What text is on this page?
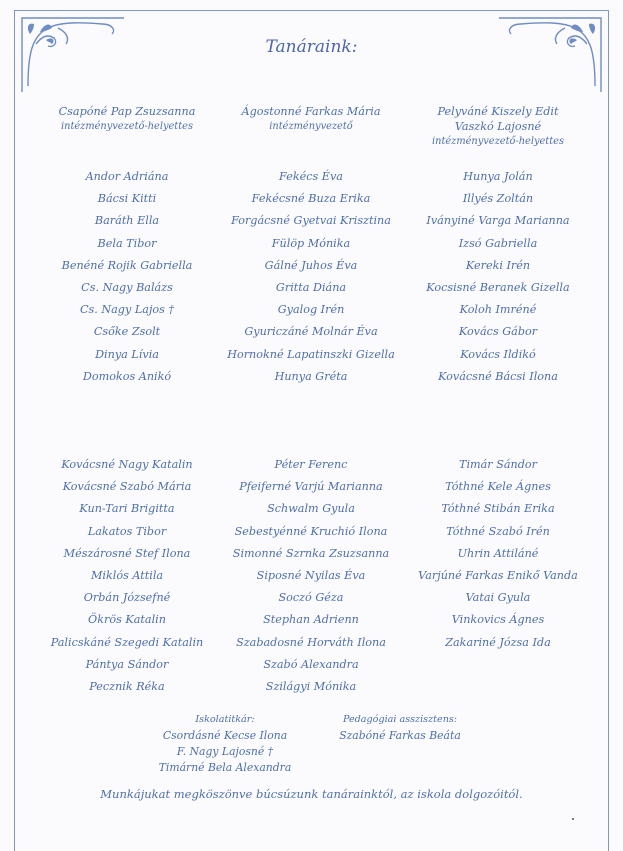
Tanáraink:
Csapóné Pap Zsuzsanna
intézményvezető-helyettes
Ágostonné Farkas Mária
intézményvezető
Pelyváné Kiszely Edit
Vaszkó Lajosné
intézményvezető-helyettes
Andor Adriána
Bácsi Kitti
Baráth Ella
Bela Tibor
Benéné Rojik Gabriella
Cs. Nagy Balázs
Cs. Nagy Lajos †
Csőke Zsolt
Dinya Lívia
Domokos Anikó
Fekécs Éva
Fekécsné Buza Erika
Forgácsné Gyetvai Krisztina
Fülöp Mónika
Gálné Juhos Éva
Gritta Diána
Gyalog Irén
Gyuriczáné Molnár Éva
Hornokné Lapatinszki Gizella
Hunya Gréta
Hunya Jolán
Illyés Zoltán
Iványiné Varga Marianna
Izsó Gabriella
Kereki Irén
Kocsisné Beranek Gizella
Koloh Imréné
Kovács Gábor
Kovács Ildikó
Kovácsné Bácsi Ilona
Kovácsné Nagy Katalin
Kovácsné Szabó Mária
Kun-Tari Brigitta
Lakatos Tibor
Mészárosné Stef Ilona
Miklós Attila
Orbán Józsefné
Ökrös Katalin
Palicskáné Szegedi Katalin
Pántya Sándor
Pecznik Réka
Péter Ferenc
Pfeiferné Varjú Marianna
Schwalm Gyula
Sebestyénné Kruchió Ilona
Simonné Szrnka Zsuzsanna
Siposné Nyilas Éva
Soczó Géza
Stephan Adrienn
Szabadosné Horváth Ilona
Szabó Alexandra
Szilágyi Mónika
Timár Sándor
Tóthné Kele Ágnes
Tóthné Stibán Erika
Tóthné Szabó Irén
Uhrin Attiláné
Varjúné Farkas Enikő Vanda
Vatai Gyula
Vinkovics Ágnes
Zakariné Józsa Ida
Iskolatitkár:
Csordásné Kecse Ilona
F. Nagy Lajosné †
Timárné Bela Alexandra
Pedagógiai asszisztens:
Szabóné Farkas Beáta
Munkájukat megköszönve búcsúzunk tanárainktól, az iskola dolgozóitól.
